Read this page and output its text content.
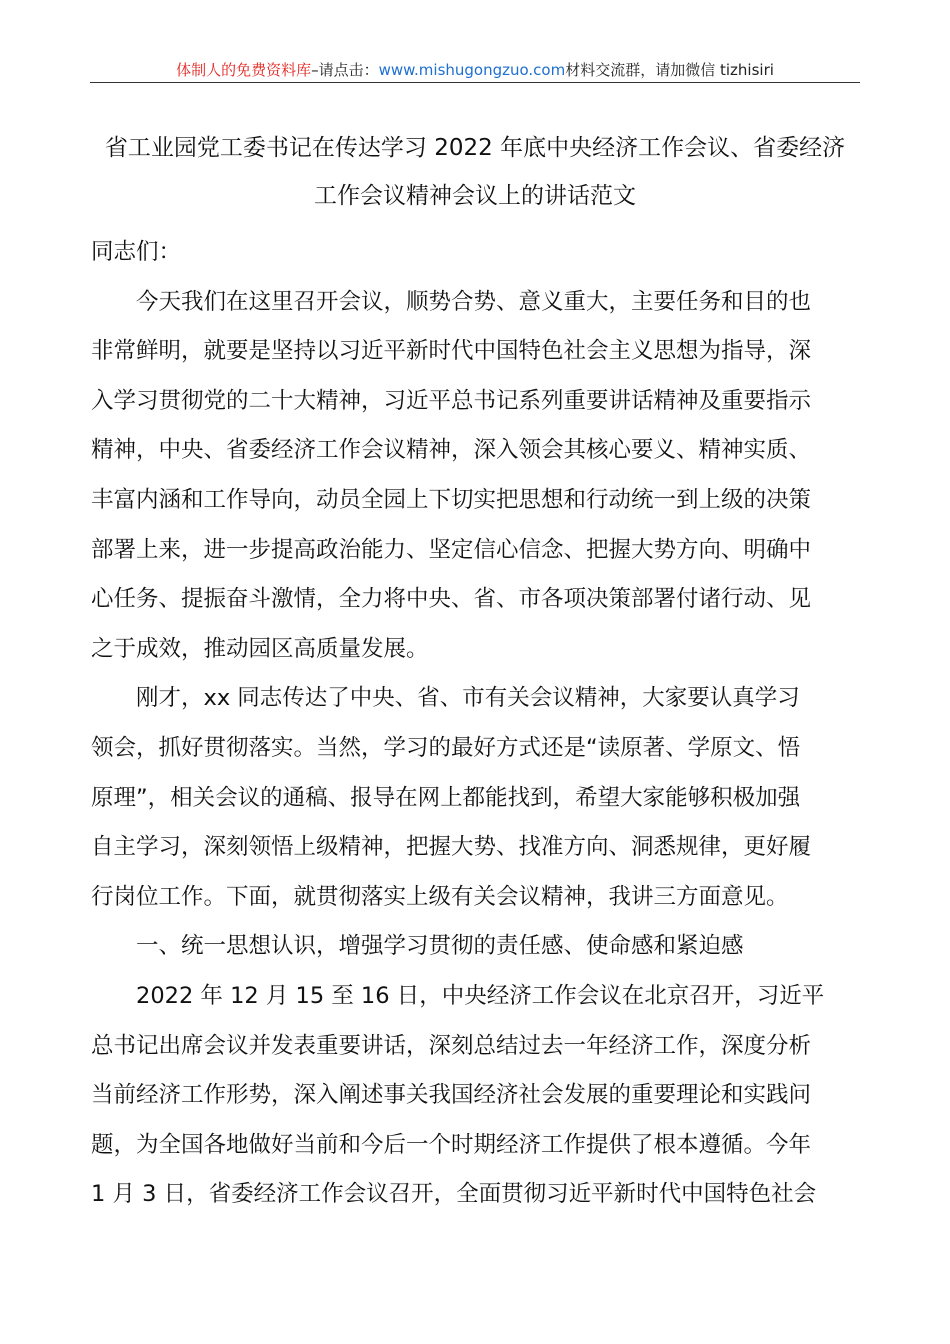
体制人的免费资料库–请点击：www.mishugongzuo.com材料交流群，请加微信 tizhisiri
省工业园党工委书记在传达学习 2022 年底中央经济工作会议、省委经济
工作会议精神会议上的讲话范文
同志们：
今天我们在这里召开会议，顺势合势、意义重大，主要任务和目的也
非常鲜明，就要是坚持以习近平新时代中国特色社会主义思想为指导，深
入学习贯彻党的二十大精神，习近平总书记系列重要讲话精神及重要指示
精神，中央、省委经济工作会议精神，深入领会其核心要义、精神实质、
丰富内涵和工作导向，动员全园上下切实把思想和行动统一到上级的决策
部署上来，进一步提高政治能力、坚定信心信念、把握大势方向、明确中
心任务、提振奋斗激情，全力将中央、省、市各项决策部署付诸行动、见
之于成效，推动园区高质量发展。
刚才，xx 同志传达了中央、省、市有关会议精神，大家要认真学习
领会，抓好贯彻落实。当然，学习的最好方式还是“读原著、学原文、悟
原理”，相关会议的通稿、报导在网上都能找到，希望大家能够积极加强
自主学习，深刻领悟上级精神，把握大势、找准方向、洞悉规律，更好履
行岗位工作。下面，就贯彻落实上级有关会议精神，我讲三方面意见。
一、统一思想认识，增强学习贯彻的责任感、使命感和紧迫感
2022 年 12 月 15 至 16 日，中央经济工作会议在北京召开，习近平
总书记出席会议并发表重要讲话，深刻总结过去一年经济工作，深度分析
当前经济工作形势，深入阐述事关我国经济社会发展的重要理论和实践问
题，为全国各地做好当前和今后一个时期经济工作提供了根本遵循。今年
1 月 3 日，省委经济工作会议召开，全面贯彻习近平新时代中国特色社会
